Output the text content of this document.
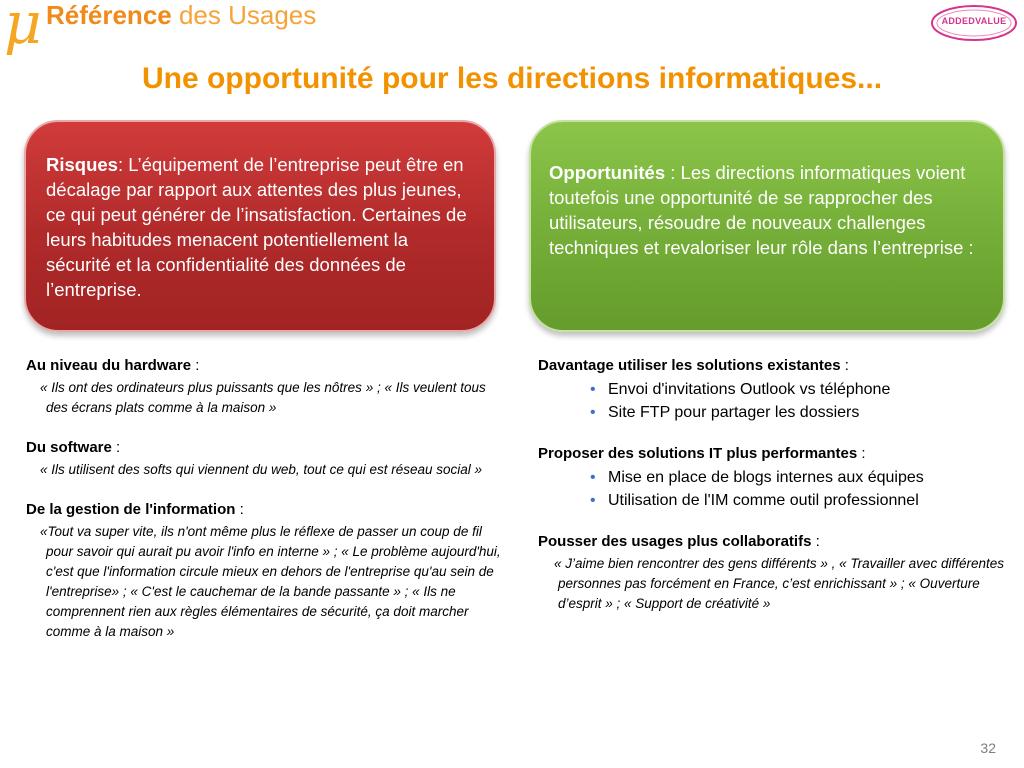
μ Référence des Usages	ADDEDVALUE
Une opportunité pour les directions informatiques...
Risques: L’équipement de l’entreprise peut être en décalage par rapport aux attentes des plus jeunes, ce qui peut générer de l’insatisfaction. Certaines de leurs habitudes menacent potentiellement la sécurité et la confidentialité des données de l’entreprise.
Opportunités : Les directions informatiques voient toutefois une opportunité de se rapprocher des utilisateurs, résoudre de nouveaux challenges techniques et revaloriser leur rôle dans l’entreprise :
Au niveau du hardware :
« Ils ont des ordinateurs plus puissants que les nôtres » ; « Ils veulent tous des écrans plats comme à la maison »
Du software :
« Ils utilisent des softs qui viennent du web, tout ce qui est réseau social »
De la gestion de l'information :
«Tout va super vite, ils n'ont même plus le réflexe de passer un coup de fil pour savoir qui aurait pu avoir l'info en interne » ; « Le problème aujourd'hui, c'est que l'information circule mieux en dehors de l'entreprise qu'au sein de l'entreprise» ; « C'est le cauchemar de la bande passante » ; « Ils ne comprennent rien aux règles élémentaires de sécurité, ça doit marcher comme à la maison »
Davantage utiliser les solutions existantes :
• Envoi d'invitations Outlook vs téléphone
• Site FTP pour partager les dossiers
Proposer des solutions IT plus performantes :
• Mise en place de blogs internes aux équipes
• Utilisation de l'IM comme outil professionnel
Pousser des usages plus collaboratifs :
« J’aime bien rencontrer des gens différents » , « Travailler avec différentes personnes pas forcément en France, c’est enrichissant » ; « Ouverture d’esprit » ; « Support de créativité »
32
